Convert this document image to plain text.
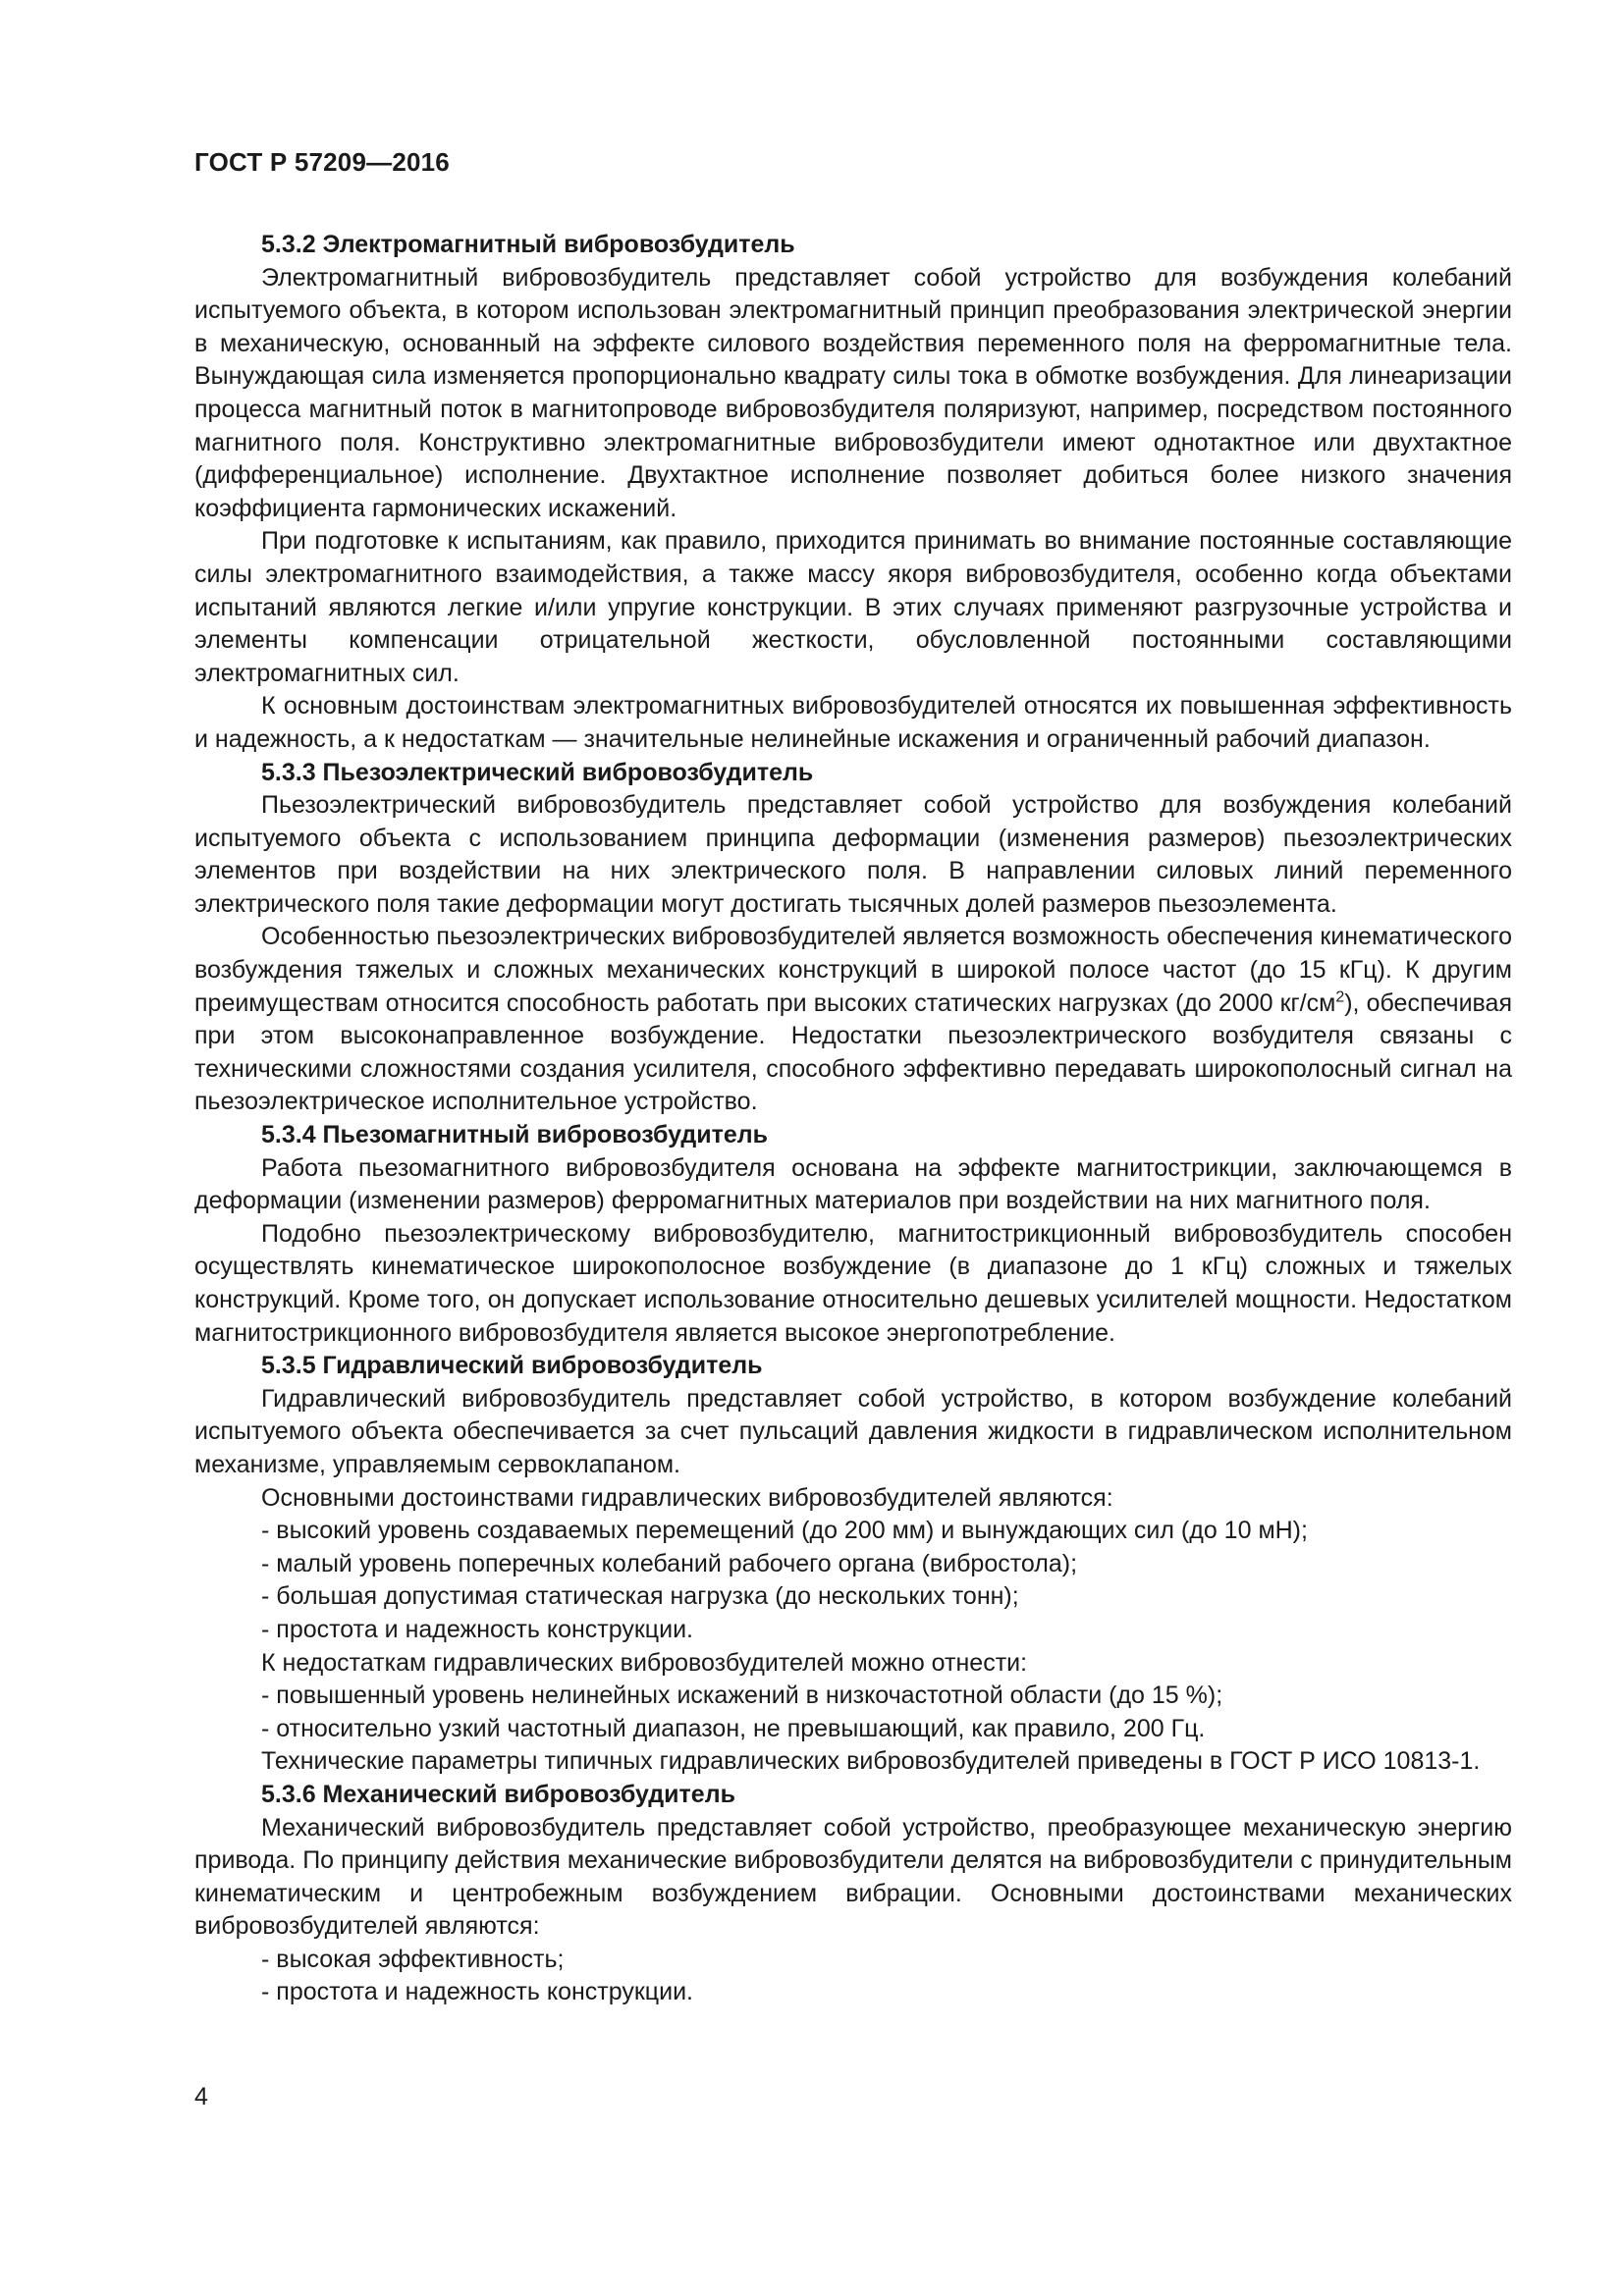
ГОСТ Р 57209—2016
5.3.2 Электромагнитный вибровозбудитель

Электромагнитный вибровозбудитель представляет собой устройство для возбуждения колебаний испытуемого объекта, в котором использован электромагнитный принцип преобразования электрической энергии в механическую, основанный на эффекте силового воздействия переменного поля на ферромагнитные тела. Вынуждающая сила изменяется пропорционально квадрату силы тока в обмотке возбуждения. Для линеаризации процесса магнитный поток в магнитопроводе вибровозбудителя поляризуют, например, посредством постоянного магнитного поля. Конструктивно электромагнитные вибровозбудители имеют однотактное или двухтактное (дифференциальное) исполнение. Двухтактное исполнение позволяет добиться более низкого значения коэффициента гармонических искажений.

При подготовке к испытаниям, как правило, приходится принимать во внимание постоянные составляющие силы электромагнитного взаимодействия, а также массу якоря вибровозбудителя, особенно когда объектами испытаний являются легкие и/или упругие конструкции. В этих случаях применяют разгрузочные устройства и элементы компенсации отрицательной жесткости, обусловленной постоянными составляющими электромагнитных сил.

К основным достоинствам электромагнитных вибровозбудителей относятся их повышенная эффективность и надежность, а к недостаткам — значительные нелинейные искажения и ограниченный рабочий диапазон.

5.3.3 Пьезоэлектрический вибровозбудитель

Пьезоэлектрический вибровозбудитель представляет собой устройство для возбуждения колебаний испытуемого объекта с использованием принципа деформации (изменения размеров) пьезоэлектрических элементов при воздействии на них электрического поля. В направлении силовых линий переменного электрического поля такие деформации могут достигать тысячных долей размеров пьезоэлемента.

Особенностью пьезоэлектрических вибровозбудителей является возможность обеспечения кинематического возбуждения тяжелых и сложных механических конструкций в широкой полосе частот (до 15 кГц). К другим преимуществам относится способность работать при высоких статических нагрузках (до 2000 $кг/см^2$), обеспечивая при этом высоконаправленное возбуждение. Недостатки пьезоэлектрического возбудителя связаны с техническими сложностями создания усилителя, способного эффективно передавать широкополосный сигнал на пьезоэлектрическое исполнительное устройство.

5.3.4 Пьезомагнитный вибровозбудитель

Работа пьезомагнитного вибровозбудителя основана на эффекте магнитострикции, заключающемся в деформации (изменении размеров) ферромагнитных материалов при воздействии на них магнитного поля.

Подобно пьезоэлектрическому вибровозбудителю, магнитострикционный вибровозбудитель способен осуществлять кинематическое широкополосное возбуждение (в диапазоне до 1 кГц) сложных и тяжелых конструкций. Кроме того, он допускает использование относительно дешевых усилителей мощности. Недостатком магнитострикционного вибровозбудителя является высокое энергопотребление.

5.3.5 Гидравлический вибровозбудитель

Гидравлический вибровозбудитель представляет собой устройство, в котором возбуждение колебаний испытуемого объекта обеспечивается за счет пульсаций давления жидкости в гидравлическом исполнительном механизме, управляемым сервоклапаном.

Основными достоинствами гидравлических вибровозбудителей являются:

- высокий уровень создаваемых перемещений (до 200 мм) и вынуждающих сил (до 10 мН);
- малый уровень поперечных колебаний рабочего органа (вибростола);
- большая допустимая статическая нагрузка (до нескольких тонн);
- простота и надежность конструкции.

К недостаткам гидравлических вибровозбудителей можно отнести:

- повышенный уровень нелинейных искажений в низкочастотной области (до 15 %);
- относительно узкий частотный диапазон, не превышающий, как правило, 200 Гц.

Технические параметры типичных гидравлических вибровозбудителей приведены в ГОСТ Р ИСО 10813-1.

5.3.6 Механический вибровозбудитель

Механический вибровозбудитель представляет собой устройство, преобразующее механическую энергию привода. По принципу действия механические вибровозбудители делятся на вибровозбудители с принудительным кинематическим и центробежным возбуждением вибрации. Основными достоинствами механических вибровозбудителей являются:

- высокая эффективность;
- простота и надежность конструкции.
4
